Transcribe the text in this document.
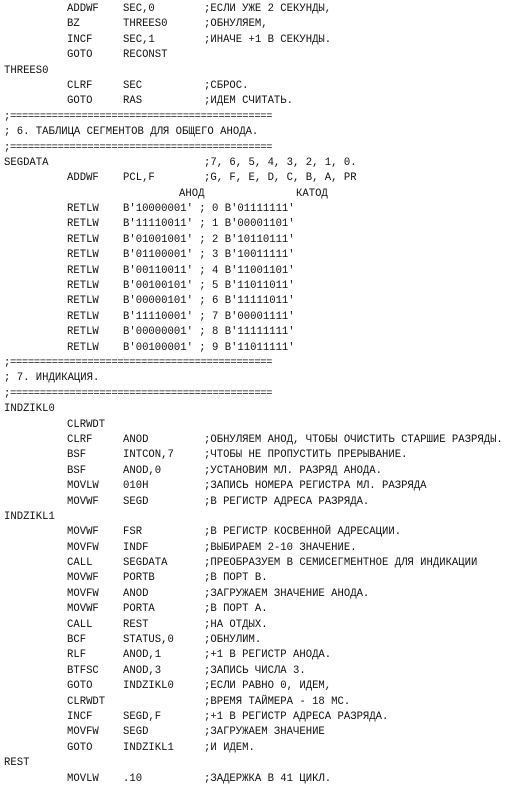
ADDWF SEC,0	;ЕСЛИ УЖЕ 2 СЕКУНДЫ,
BZ	THREES0	;ОБНУЛЯЕМ,
INCF	SEC,1	;ИНАЧЕ +1 В СЕКУНДЫ.
GOTO	RECONST
THREES0
CLRF	SEC	;СБРОС.
GOTO	RAS	;ИДЕМ СЧИТАТЬ.
;============================================
; 6. ТАБЛИЦА СЕГМЕНТОВ ДЛЯ ОБЩЕГО АНОДА.
;============================================
SEGDATA	;7, 6, 5, 4, 3, 2, 1, 0.
ADDWF PCL,F	;G, F, E, D, C, B, A, PR
АНОД	КАТОД
RETLW B'10000001' ; 0 B'01111111'
RETLW B'11110011' ; 1 B'00001101'
RETLW B'01001001' ; 2 B'10110111'
RETLW B'01100001' ; 3 B'10011111'
RETLW B'00110011' ; 4 B'11001101'
RETLW B'00100101' ; 5 B'11011011'
RETLW B'00000101' ; 6 B'11111011'
RETLW B'11110001' ; 7 B'00001111'
RETLW B'00000001' ; 8 B'11111111'
RETLW B'00100001' ; 9 B'11011111'
;============================================
; 7. ИНДИКАЦИЯ.
;============================================
INDZIKL0
CLRWDT
CLRF	ANOD	;ОБНУЛЯЕМ АНОД, ЧТОБЫ ОЧИСТИТЬ СТАРШИЕ РАЗРЯДЫ.
BSF	INTCON,7	;ЧТОБЫ НЕ ПРОПУСТИТЬ ПРЕРЫВАНИЕ.
BSF	ANOD,0	;УСТАНОВИМ МЛ. РАЗРЯД АНОДА.
MOVLW 010H	;ЗАПИСЬ НОМЕРА РЕГИСТРА МЛ. РАЗРЯДА
MOVWF SEGD	;В РЕГИСТР АДРЕСА РАЗРЯДА.
INDZIKL1
MOVWF FSR	;В РЕГИСТР КОСВЕННОЙ АДРЕСАЦИИ.
MOVFW INDF	;ВЫБИРАЕМ 2-10 ЗНАЧЕНИЕ.
CALL	SEGDATA	;ПРЕОБРАЗУЕМ В СЕМИСЕГМЕНТНОЕ ДЛЯ ИНДИКАЦИИ
MOVWF PORTB	;В ПОРТ В.
MOVFW ANOD	;ЗАГРУЖАЕМ ЗНАЧЕНИЕ АНОДА.
MOVWF PORTA	;В ПОРТ А.
CALL	REST	;НА ОТДЫХ.
BCF	STATUS,0	;ОБНУЛИМ.
RLF	ANOD,1	;+1 В РЕГИСТР АНОДА.
BTFSC ANOD,3	;ЗАПИСЬ ЧИСЛА 3.
GOTO	INDZIKL0	;ЕСЛИ РАВНО 0, ИДЕМ,
CLRWDT	;ВРЕМЯ ТАЙМЕРА - 18 МС.
INCF	SEGD,F	;+1 В РЕГИСТР АДРЕСА РАЗРЯДА.
MOVFW SEGD	;ЗАГРУЖАЕМ ЗНАЧЕНИЕ
GOTO	INDZIKL1	;И ИДЕМ.
REST
MOVLW .10	;ЗАДЕРЖКА В 41 ЦИКЛ.
